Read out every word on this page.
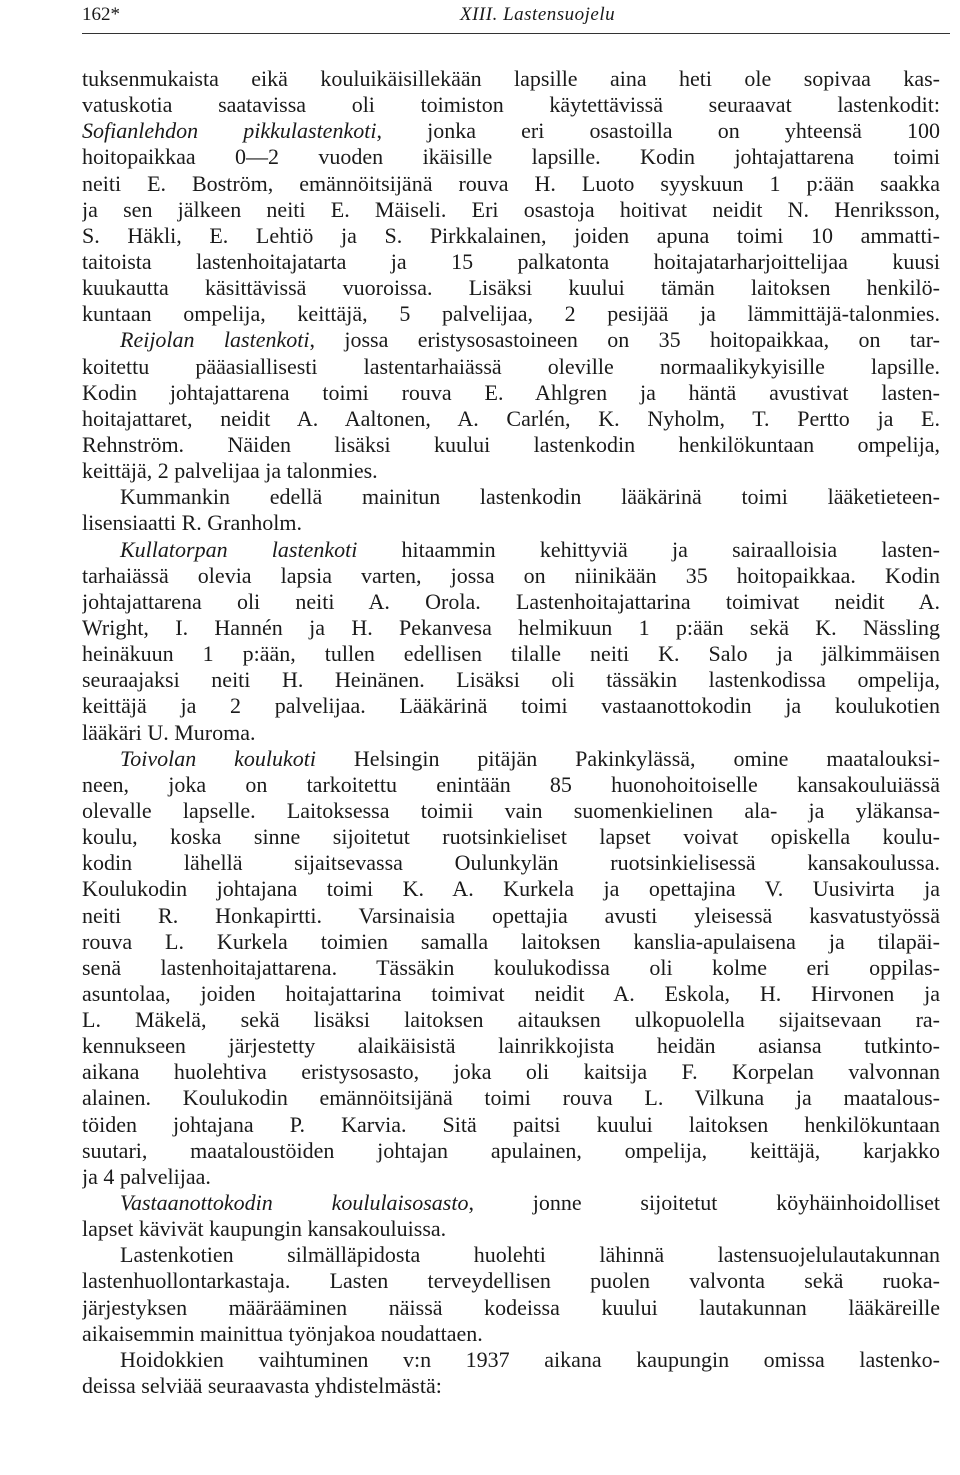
162*	XIII. Lastensuojelu
tuksenmukaista eikä kouluikäisillekään lapsille aina heti ole sopivaa kas-
vatuskotia saatavissa oli toimiston käytettävissä seuraavat lastenkodit:
Sofianlehdon pikkulastenkoti, jonka eri osastoilla on yhteensä 100
hoitopaikkaa 0—2 vuoden ikäisille lapsille. Kodin johtajattarena toimi
neiti E. Boström, emännöitsijänä rouva H. Luoto syyskuun 1 p:ään saakka
ja sen jälkeen neiti E. Mäiseli. Eri osastoja hoitivat neidit N. Henriksson,
S. Häkli, E. Lehtiö ja S. Pirkkalainen, joiden apuna toimi 10 ammatti-
taitoista lastenhoitajatarta ja 15 palkatonta hoitajatarharjoittelijaa kuusi
kuukautta käsittävissä vuoroissa. Lisäksi kuului tämän laitoksen henkilö-
kuntaan ompelija, keittäjä, 5 palvelijaa, 2 pesijää ja lämmittäjä-talonmies.
Reijolan lastenkoti, jossa eristysosastoineen on 35 hoitopaikkaa, on tar-
koitettu pääasiallisesti lastentarhaiässä oleville normaalikykyisille lapsille.
Kodin johtajattarena toimi rouva E. Ahlgren ja häntä avustivat lasten-
hoitajattaret, neidit A. Aaltonen, A. Carlén, K. Nyholm, T. Pertto ja E.
Rehnström. Näiden lisäksi kuului lastenkodin henkilökuntaan ompelija,
keittäjä, 2 palvelijaa ja talonmies.
Kummankin edellä mainitun lastenkodin lääkärinä toimi lääketieteen-
lisensiaatti R. Granholm.
Kullatorpan lastenkoti hitaammin kehittyviä ja sairaalloisia lasten-
tarhaiässä olevia lapsia varten, jossa on niinikään 35 hoitopaikkaa. Kodin
johtajattarena oli neiti A. Orola. Lastenhoitajattarina toimivat neidit A.
Wright, I. Hannén ja H. Pekanvesa helmikuun 1 p:ään sekä K. Nässling
heinäkuun 1 p:ään, tullen edellisen tilalle neiti K. Salo ja jälkimmäisen
seuraajaksi neiti H. Heinänen. Lisäksi oli tässäkin lastenkodissa ompelija,
keittäjä ja 2 palvelijaa. Lääkärinä toimi vastaanottokodin ja koulukotien
lääkäri U. Muroma.
Toivolan koulukoti Helsingin pitäjän Pakinkylässä, omine maatalouksi-
neen, joka on tarkoitettu enintään 85 huonohoitoiselle kansakouluiässä
olevalle lapselle. Laitoksessa toimii vain suomenkielinen ala- ja yläkansa-
koulu, koska sinne sijoitetut ruotsinkieliset lapset voivat opiskella koulu-
kodin lähellä sijaitsevassa Oulunkylän ruotsinkielisessä kansakoulussa.
Koulukodin johtajana toimi K. A. Kurkela ja opettajina V. Uusivirta ja
neiti R. Honkapirtti. Varsinaisia opettajia avusti yleisessä kasvatustyössä
rouva L. Kurkela toimien samalla laitoksen kanslia-apulaisena ja tilapäi-
senä lastenhoitajattarena. Tässäkin koulukodissa oli kolme eri oppilas-
asuntolaa, joiden hoitajattarina toimivat neidit A. Eskola, H. Hirvonen ja
L. Mäkelä, sekä lisäksi laitoksen aitauksen ulkopuolella sijaitsevaan ra-
kennukseen järjestetty alaikäisistä lainrikkojista heidän asiansa tutkinto-
aikana huolehtiva eristysosasto, joka oli kaitsija F. Korpelan valvonnan
alainen. Koulukodin emännöitsijänä toimi rouva L. Vilkuna ja maatalous-
töiden johtajana P. Karvia. Sitä paitsi kuului laitoksen henkilökuntaan
suutari, maataloustöiden johtajan apulainen, ompelija, keittäjä, karjakko
ja 4 palvelijaa.
Vastaanottokodin koululaisosasto, jonne sijoitetut köyhäinhoidolliset
lapset kävivät kaupungin kansakouluissa.
Lastenkotien silmälläpidosta huolehti lähinnä lastensuojelulautakunnan
lastenhuollontarkastaja. Lasten terveydellisen puolen valvonta sekä ruoka-
järjestyksen määrääminen näissä kodeissa kuului lautakunnan lääkäreille
aikaisemmin mainittua työnjakoa noudattaen.
Hoidokkien vaihtuminen v:n 1937 aikana kaupungin omissa lastenko-
deissa selviää seuraavasta yhdistelmästä:
